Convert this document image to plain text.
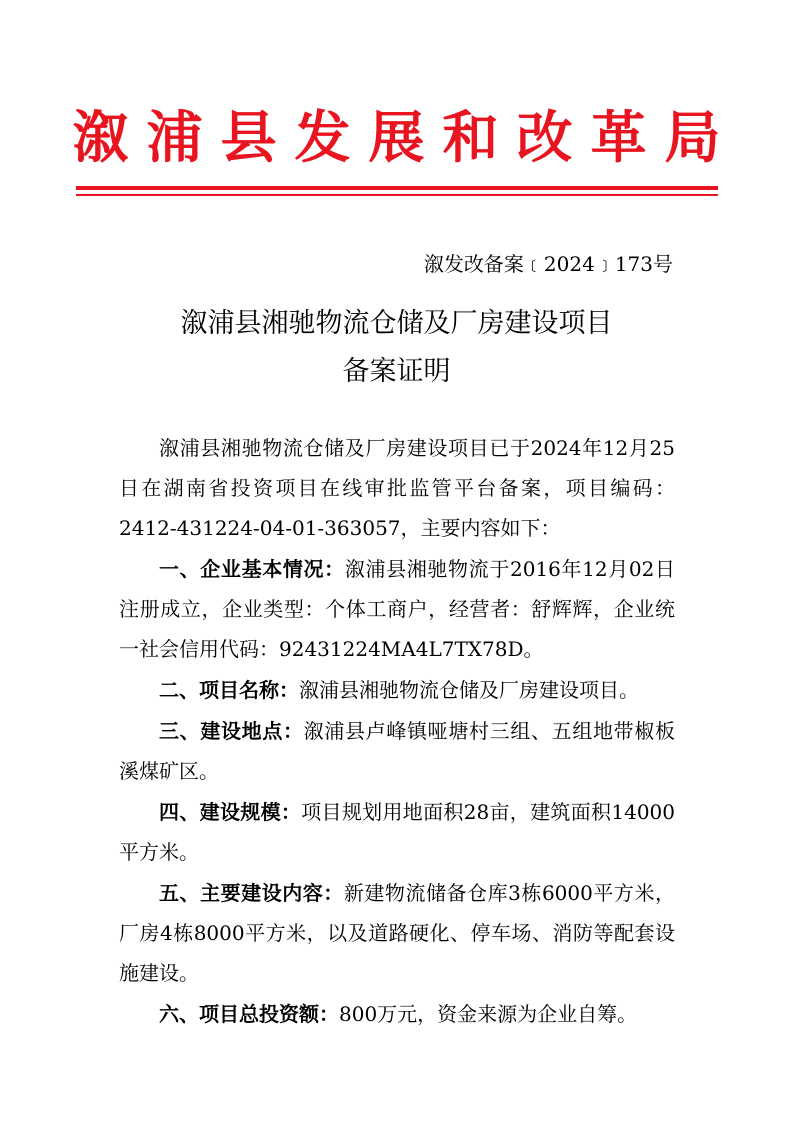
溆浦县发展和改革局
溆发改备案﹝2024﹞173号
溆浦县湘驰物流仓储及厂房建设项目
备案证明

溆浦县湘驰物流仓储及厂房建设项目已于2024年12月25日在湖南省投资项目在线审批监管平台备案，项目编码：2412-431224-04-01-363057，主要内容如下：

一、企业基本情况：溆浦县湘驰物流于2016年12月02日注册成立，企业类型：个体工商户，经营者：舒辉辉，企业统一社会信用代码：92431224MA4L7TX78D。

二、项目名称：溆浦县湘驰物流仓储及厂房建设项目。

三、建设地点：溆浦县卢峰镇哑塘村三组、五组地带椒板溪煤矿区。

四、建设规模：项目规划用地面积28亩，建筑面积14000平方米。

五、主要建设内容：新建物流储备仓库3栋6000平方米，厂房4栋8000平方米，以及道路硬化、停车场、消防等配套设施建设。

六、项目总投资额：800万元，资金来源为企业自筹。
